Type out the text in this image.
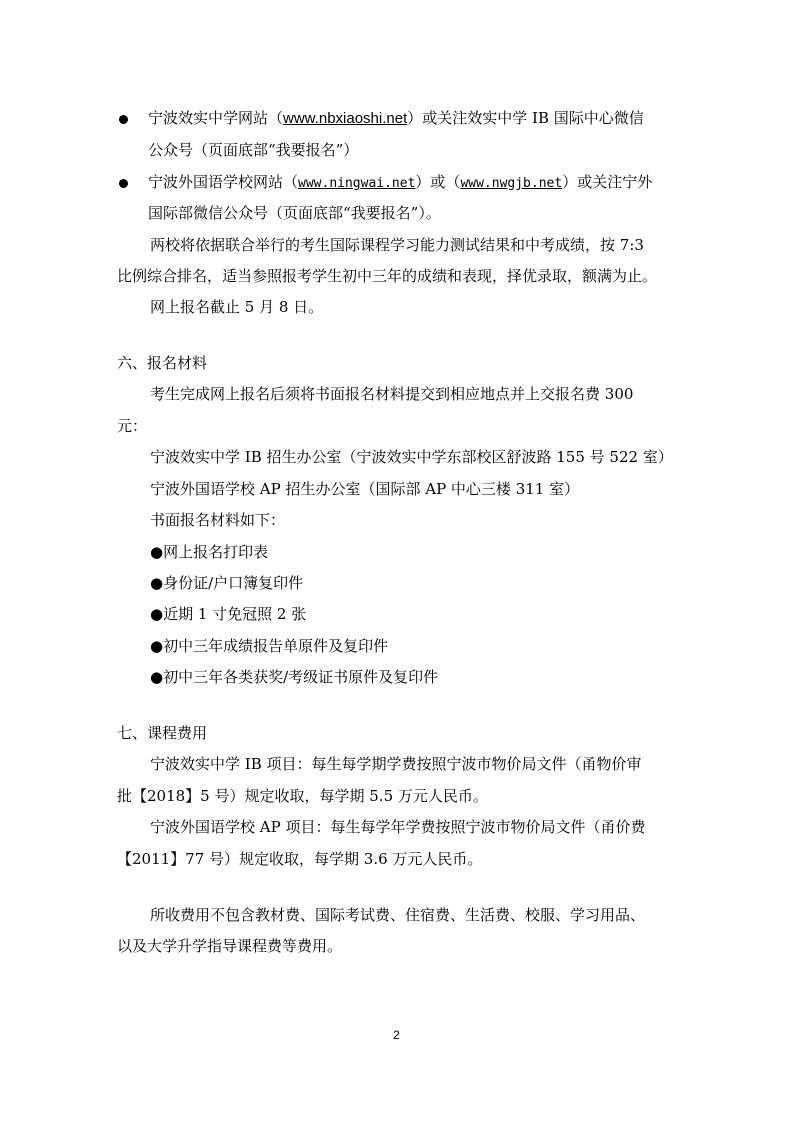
宁波效实中学网站（www.nbxiaoshi.net）或关注效实中学 IB 国际中心微信
公众号（页面底部“我要报名”）
宁波外国语学校网站（www.ningwai.net）或（www.nwgjb.net）或关注宁外
国际部微信公众号（页面底部“我要报名”）。
两校将依据联合举行的考生国际课程学习能力测试结果和中考成绩，按 7:3
比例综合排名，适当参照报考学生初中三年的成绩和表现，择优录取，额满为止。
网上报名截止 5 月 8 日。
六、报名材料
考生完成网上报名后须将书面报名材料提交到相应地点并上交报名费 300
元：
宁波效实中学 IB 招生办公室（宁波效实中学东部校区舒波路 155 号 522 室）
宁波外国语学校 AP 招生办公室（国际部 AP 中心三楼 311 室）
书面报名材料如下：
●网上报名打印表
●身份证/户口簿复印件
●近期 1 寸免冠照 2 张
●初中三年成绩报告单原件及复印件
●初中三年各类获奖/考级证书原件及复印件
七、课程费用
宁波效实中学 IB 项目：每生每学期学费按照宁波市物价局文件（甬物价审
批【2018】5 号）规定收取，每学期 5.5 万元人民币。
宁波外国语学校 AP 项目：每生每学年学费按照宁波市物价局文件（甬价费
【2011】77 号）规定收取，每学期 3.6 万元人民币。
所收费用不包含教材费、国际考试费、住宿费、生活费、校服、学习用品、
以及大学升学指导课程费等费用。
2
